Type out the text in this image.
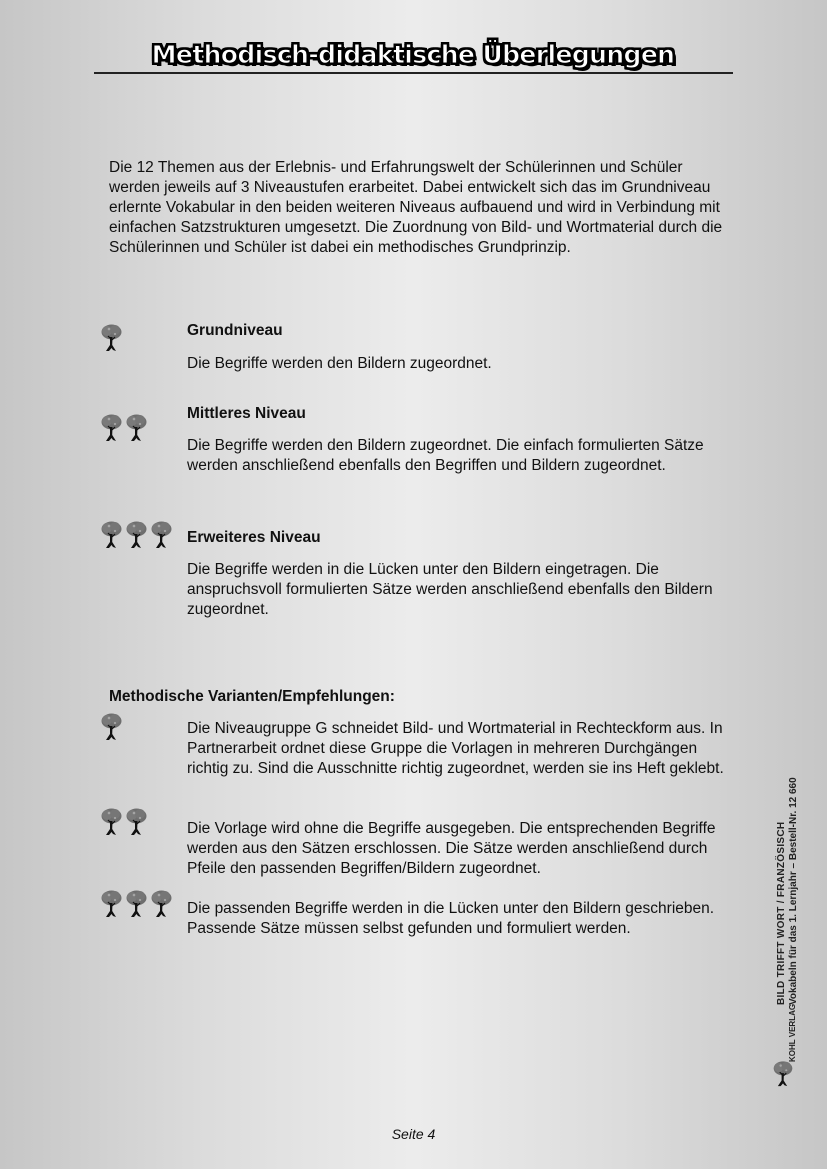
Methodisch-didaktische Überlegungen
Die 12 Themen aus der Erlebnis- und Erfahrungswelt der Schülerinnen und Schüler werden jeweils auf 3 Niveaustufen erarbeitet. Dabei entwickelt sich das im Grundniveau erlernte Vokabular in den beiden weiteren Niveaus aufbauend und wird in Verbindung mit einfachen Satzstrukturen umgesetzt. Die Zuordnung von Bild- und Wortmaterial durch die Schülerinnen und Schüler ist dabei ein methodisches Grundprinzip.
Grundniveau
Die Begriffe werden den Bildern zugeordnet.
Mittleres Niveau
Die Begriffe werden den Bildern zugeordnet. Die einfach formulierten Sätze werden anschließend ebenfalls den Begriffen und Bildern zugeordnet.
Erweiteres Niveau
Die Begriffe werden in die Lücken unter den Bildern eingetragen. Die anspruchsvoll formulierten Sätze werden anschließend ebenfalls den Bildern zugeordnet.
Methodische Varianten/Empfehlungen:
Die Niveaugruppe G schneidet Bild- und Wortmaterial in Rechteckform aus. In Partnerarbeit ordnet diese Gruppe die Vorlagen in mehreren Durchgängen richtig zu. Sind die Ausschnitte richtig zugeordnet, werden sie ins Heft geklebt.
Die Vorlage wird ohne die Begriffe ausgegeben. Die entsprechenden Begriffe werden aus den Sätzen erschlossen. Die Sätze werden anschließend durch Pfeile den passenden Begriffen/Bildern zugeordnet.
Die passenden Begriffe werden in die Lücken unter den Bildern geschrieben. Passende Sätze müssen selbst gefunden und formuliert werden.	BILD TRIFFT WORT / FRANZÖSISCH Vokabeln für das 1. Lernjahr – Bestell-Nr. 12 660
KOHL VERLAG
Seite 4
